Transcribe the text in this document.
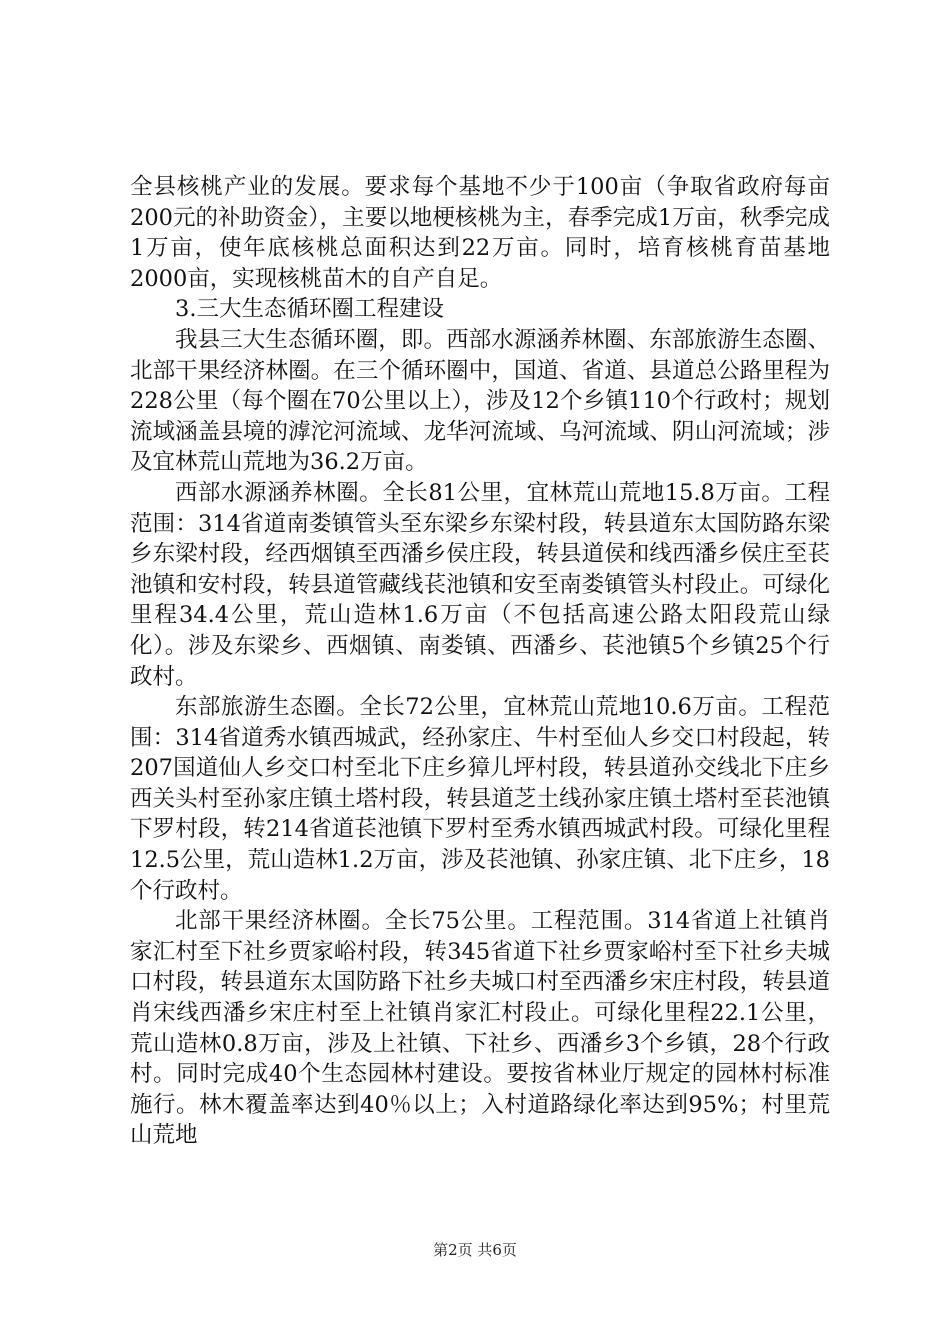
全县核桃产业的发展。要求每个基地不少于100亩（争取省政府每亩200元的补助资金），主要以地梗核桃为主，春季完成1万亩，秋季完成1万亩，使年底核桃总面积达到22万亩。同时，培育核桃育苗基地2000亩，实现核桃苗木的自产自足。

3.三大生态循环圈工程建设

我县三大生态循环圈，即。西部水源涵养林圈、东部旅游生态圈、北部干果经济林圈。在三个循环圈中，国道、省道、县道总公路里程为228公里（每个圈在70公里以上），涉及12个乡镇110个行政村；规划流域涵盖县境的滹沱河流域、龙华河流域、乌河流域、阴山河流域；涉及宜林荒山荒地为36.2万亩。

西部水源涵养林圈。全长81公里，宜林荒山荒地15.8万亩。工程范围：314省道南娄镇管头至东梁乡东梁村段，转县道东太国防路东梁乡东梁村段，经西烟镇至西潘乡侯庄段，转县道侯和线西潘乡侯庄至苌池镇和安村段，转县道管藏线苌池镇和安至南娄镇管头村段止。可绿化里程34.4公里，荒山造林1.6万亩（不包括高速公路太阳段荒山绿化）。涉及东梁乡、西烟镇、南娄镇、西潘乡、苌池镇5个乡镇25个行政村。

东部旅游生态圈。全长72公里，宜林荒山荒地10.6万亩。工程范围：314省道秀水镇西城武，经孙家庄、牛村至仙人乡交口村段起，转207国道仙人乡交口村至北下庄乡獐儿坪村段，转县道孙交线北下庄乡西关头村至孙家庄镇土塔村段，转县道芝土线孙家庄镇土塔村至苌池镇下罗村段，转214省道苌池镇下罗村至秀水镇西城武村段。可绿化里程12.5公里，荒山造林1.2万亩，涉及苌池镇、孙家庄镇、北下庄乡，18个行政村。

北部干果经济林圈。全长75公里。工程范围。314省道上社镇肖家汇村至下社乡贾家峪村段，转345省道下社乡贾家峪村至下社乡夫城口村段，转县道东太国防路下社乡夫城口村至西潘乡宋庄村段，转县道肖宋线西潘乡宋庄村至上社镇肖家汇村段止。可绿化里程22.1公里，荒山造林0.8万亩，涉及上社镇、下社乡、西潘乡3个乡镇，28个行政村。同时完成40个生态园林村建设。要按省林业厅规定的园林村标准施行。林木覆盖率达到40％以上；入村道路绿化率达到95%；村里荒山荒地

第2页 共6页
